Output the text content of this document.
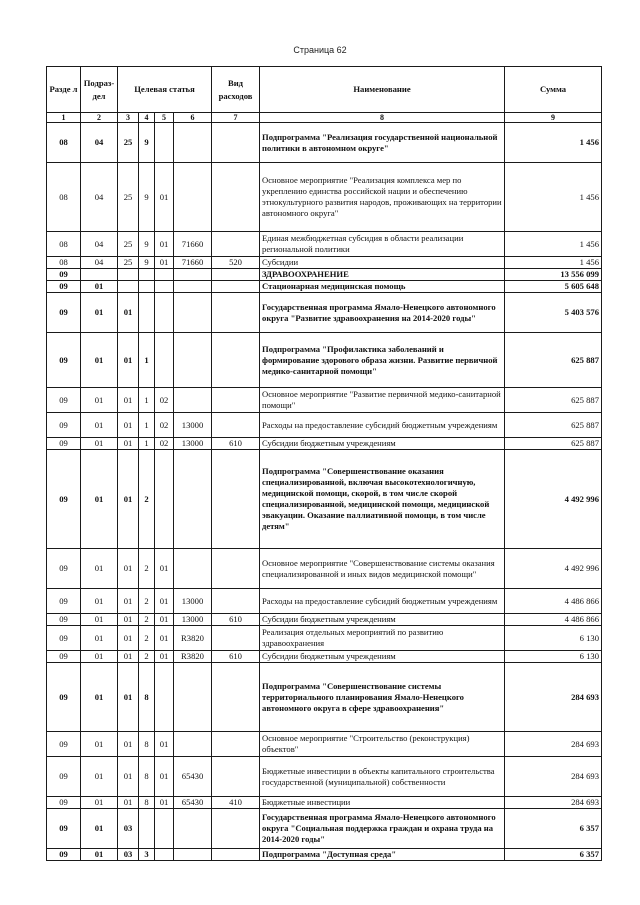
Страница 62
Разде л	Подраз- дел	Целевая статья				Вид расходов	Наименование	Сумма
1	2	3	4	5	6	7	8	9
08	04	25	9				Подпрограмма "Реализация государственной национальной политики в автономном округе"	1 456
08	04	25	9	01			Основное мероприятие "Реализация комплекса мер по укреплению единства российской нации и обеспечению этнокультурного развития народов, проживающих на территории автономного округа"	1 456
08	04	25	9	01	71660		Единая межбюджетная субсидия в области реализации региональной политики	1 456
08	04	25	9	01	71660	520	Субсидии	1 456
09							ЗДРАВООХРАНЕНИЕ	13 556 099
09	01						Стационарная медицинская помощь	5 605 648
09	01	01					Государственная программа Ямало-Ненецкого автономного округа "Развитие здравоохранения на 2014-2020 годы"	5 403 576
09	01	01	1				Подпрограмма "Профилактика заболеваний и формирование здорового образа жизни. Развитие первичной медико-санитарной помощи"	625 887
09	01	01	1	02			Основное мероприятие "Развитие первичной медико-санитарной помощи"	625 887
09	01	01	1	02	13000		Расходы на предоставление субсидий бюджетным учреждениям	625 887
09	01	01	1	02	13000	610	Субсидии бюджетным учреждениям	625 887
09	01	01	2				Подпрограмма "Совершенствование оказания специализированной, включая высокотехнологичную, медицинской помощи, скорой, в том числе скорой специализированной, медицинской помощи, медицинской эвакуации. Оказание паллиативной помощи, в том числе детям"	4 492 996
09	01	01	2	01			Основное мероприятие "Совершенствование системы оказания специализированной и иных видов медицинской помощи"	4 492 996
09	01	01	2	01	13000		Расходы на предоставление субсидий бюджетным учреждениям	4 486 866
09	01	01	2	01	13000	610	Субсидии бюджетным учреждениям	4 486 866
09	01	01	2	01	R3820		Реализация отдельных мероприятий по развитию здравоохранения	6 130
09	01	01	2	01	R3820	610	Субсидии бюджетным учреждениям	6 130
09	01	01	8				Подпрограмма "Совершенствование системы территориального планирования Ямало-Ненецкого автономного округа в сфере здравоохранения"	284 693
09	01	01	8	01			Основное мероприятие "Строительство (реконструкция) объектов"	284 693
09	01	01	8	01	65430		Бюджетные инвестиции в объекты капитального строительства государственной (муниципальной) собственности	284 693
09	01	01	8	01	65430	410	Бюджетные инвестиции	284 693
09	01	03					Государственная программа Ямало-Ненецкого автономного округа "Социальная поддержка граждан и охрана труда на 2014-2020 годы"	6 357
09	01	03	3				Подпрограмма "Доступная среда"	6 357
